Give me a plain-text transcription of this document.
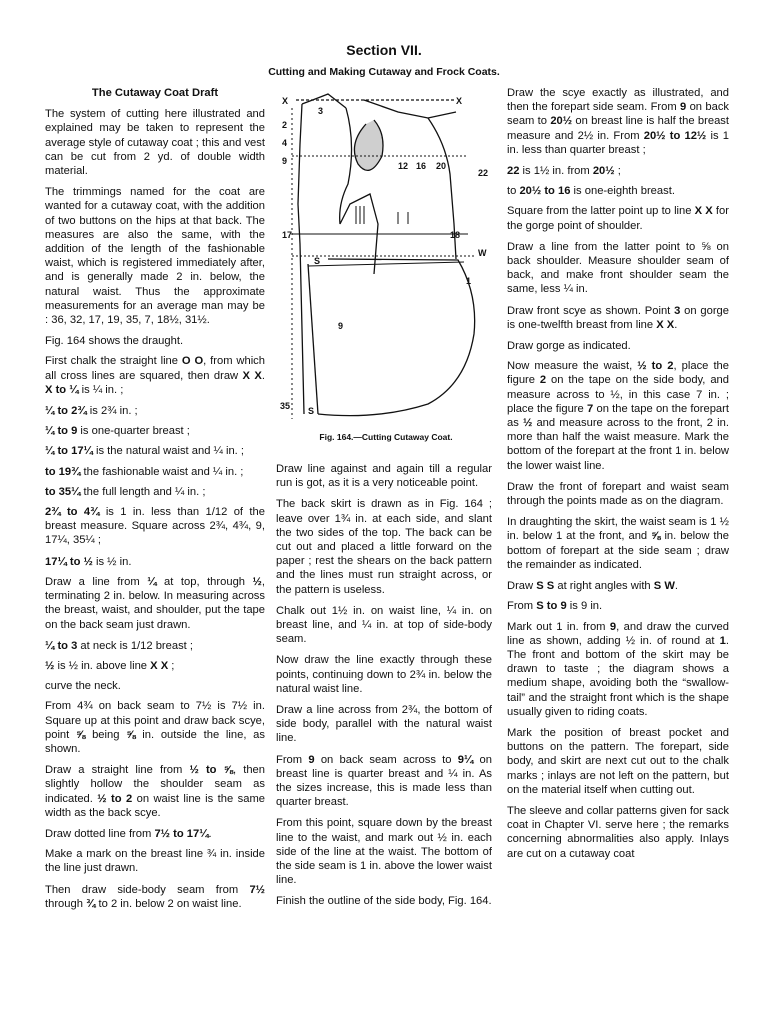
Section VII.
Cutting and Making Cutaway and Frock Coats.
The Cutaway Coat Draft

The system of cutting here illustrated and explained may be taken to represent the average style of cutaway coat ; this and vest can be cut from 2 yd. of double width material.

The trimmings named for the coat are wanted for a cutaway coat, with the addition of two buttons on the hips at that back. The measures are also the same, with the addition of the length of the fashionable waist, which is registered immediately after, and is generally made 2 in. below, the natural waist. Thus the approximate measurements for an average man may be : 36, 32, 17, 19, 35, 7, 18½, 31½.

Fig. 164 shows the draught.

First chalk the straight line O O, from which all cross lines are squared, then draw X X. X to ¼ is ¼ in. ;

¼ to 2¾ is 2¾ in. ;

¼ to 9 is one-quarter breast ;

¼ to 17¼ is the natural waist and ¼ in. ;

to 19¾ the fashionable waist and ¼ in. ;

to 35¼ the full length and ¼ in. ;

2¾ to 4¾ is 1 in. less than 1/12 of the breast measure. Square across 2¾, 4¾, 9, 17¼, 35¼ ;

17¼ to ½ is ½ in.

Draw a line from ¼ at top, through ½, terminating 2 in. below. In measuring across the breast, waist, and shoulder, put the tape on the back seam just drawn.

¼ to 3 at neck is 1/12 breast ;

½ is ½ in. above line X X ;

curve the neck.

From 4¾ on back seam to 7½ is 7½ in. Square up at this point and draw back scye, point ⅝ being ⅝ in. outside the line, as shown.

Draw a straight line from ½ to ⅝, then slightly hollow the shoulder seam as indicated. ½ to 2 on waist line is the same width as the back scye.

Draw dotted line from 7½ to 17¼.

Make a mark on the breast line ¾ in. inside the line just drawn.

Then draw side-body seam from 7½ through ¾ to 2 in. below 2 on waist line.

X	X
2
4
9	12 16 20
22
17	18
W
S
9
35 S
3
1
Fig. 164.—Cutting Cutaway Coat.

Draw line against and again till a regular run is got, as it is a very noticeable point.

The back skirt is drawn as in Fig. 164 ; leave over 1¾ in. at each side, and slant the two sides of the top. The back can be cut out and placed a little forward on the paper ; rest the shears on the back pattern and the lines must run straight across, or the pattern is useless.

Chalk out 1½ in. on waist line, ¼ in. on breast line, and ¼ in. at top of side-body seam.

Now draw the line exactly through these points, continuing down to 2¾ in. below the natural waist line.

Draw a line across from 2¾, the bottom of side body, parallel with the natural waist line.

From 9 on back seam across to 9¼ on breast line is quarter breast and ¼ in. As the sizes increase, this is made less than quarter breast.

From this point, square down by the breast line to the waist, and mark out ½ in. each side of the line at the waist. The bottom of the side seam is 1 in. above the lower waist line.

Finish the outline of the side body, Fig. 164.

Draw the scye exactly as illustrated, and then the forepart side seam. From 9 on back seam to 20½ on breast line is half the breast measure and 2½ in. From 20½ to 12½ is 1 in. less than quarter breast ;

22 is 1½ in. from 20½ ;

to 20½ to 16 is one-eighth breast.

Square from the latter point up to line X X for the gorge point of shoulder.

Draw a line from the latter point to ⅝ on back shoulder. Measure shoulder seam of back, and make front shoulder seam the same, less ¼ in.

Draw front scye as shown. Point 3 on gorge is one-twelfth breast from line X X.

Draw gorge as indicated.

Now measure the waist, ½ to 2, place the figure 2 on the tape on the side body, and measure across to ½, in this case 7 in. ; place the figure 7 on the tape on the forepart as ½ and measure across to the front, 2 in. more than half the waist measure. Mark the bottom of the forepart at the front 1 in. below the lower waist line.

Draw the front of forepart and waist seam through the points made as on the diagram.

In draughting the skirt, the waist seam is 1 ½ in. below 1 at the front, and ⅝ in. below the bottom of forepart at the side seam ; draw the remainder as indicated.

Draw S S at right angles with S W.

From S to 9 is 9 in.

Mark out 1 in. from 9, and draw the curved line as shown, adding ½ in. of round at 1. The front and bottom of the skirt may be drawn to taste ; the diagram shows a medium shape, avoiding both the “swallow-tail” and the straight front which is the shape usually given to riding coats.

Mark the position of breast pocket and buttons on the pattern. The forepart, side body, and skirt are next cut out to the chalk marks ; inlays are not left on the pattern, but on the material itself when cutting out.

The sleeve and collar patterns given for sack coat in Chapter VI. serve here ; the remarks concerning abnormalities also apply. Inlays are cut on a cutaway coat
